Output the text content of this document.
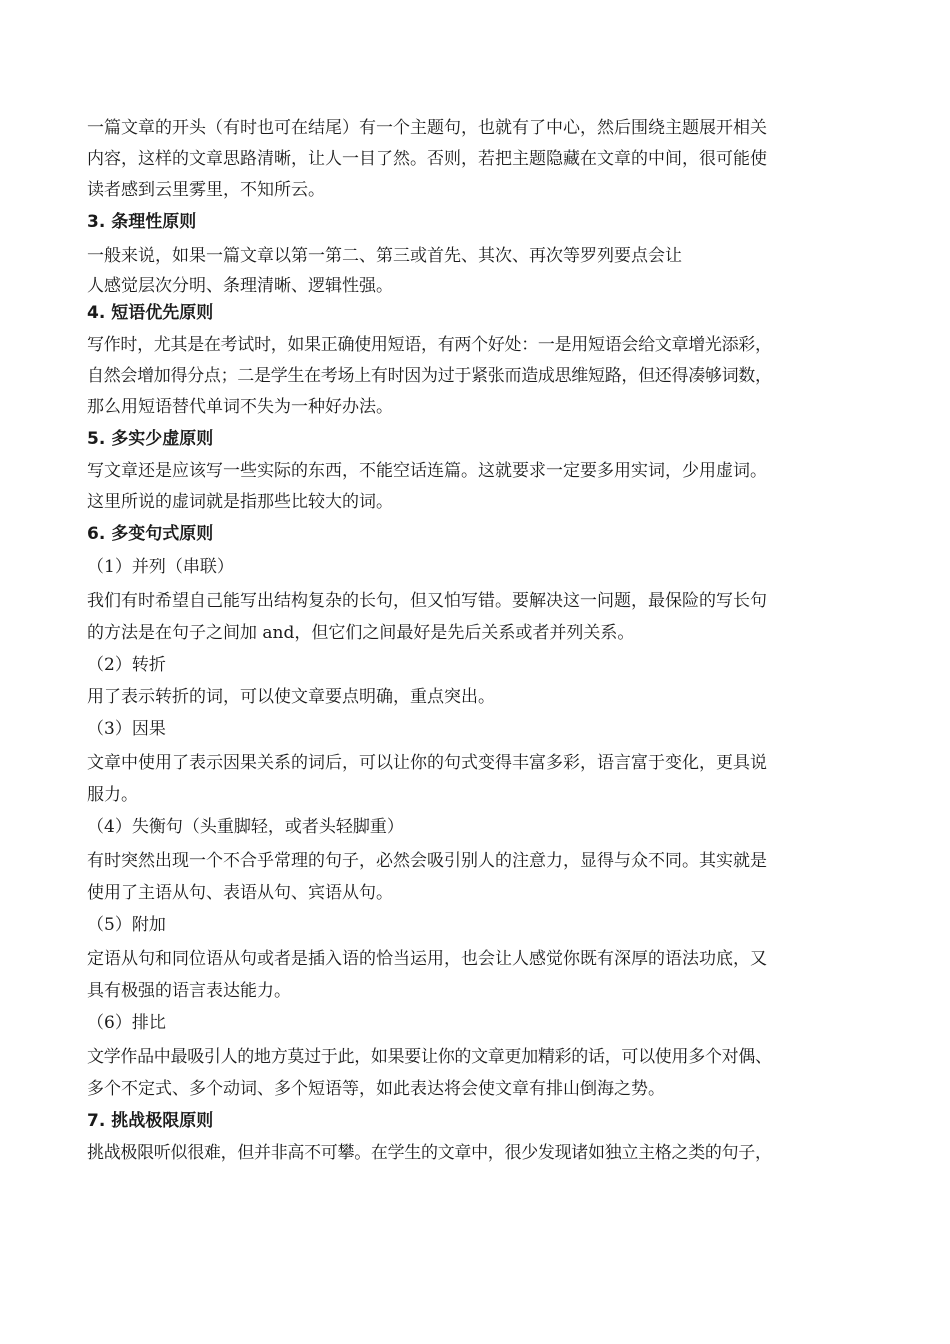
一篇文章的开头（有时也可在结尾）有一个主题句，也就有了中心，然后围绕主题展开相关
内容，这样的文章思路清晰，让人一目了然。否则，若把主题隐藏在文章的中间，很可能使
读者感到云里雾里，不知所云。
3. 条理性原则
一般来说，如果一篇文章以第一第二、第三或首先、其次、再次等罗列要点会让
人感觉层次分明、条理清晰、逻辑性强。
4. 短语优先原则
写作时，尤其是在考试时，如果正确使用短语，有两个好处：一是用短语会给文章增光添彩，
自然会增加得分点；二是学生在考场上有时因为过于紧张而造成思维短路，但还得凑够词数，
那么用短语替代单词不失为一种好办法。
5. 多实少虚原则
写文章还是应该写一些实际的东西，不能空话连篇。这就要求一定要多用实词，少用虚词。
这里所说的虚词就是指那些比较大的词。
6. 多变句式原则
（1）并列（串联）
我们有时希望自己能写出结构复杂的长句，但又怕写错。要解决这一问题，最保险的写长句
的方法是在句子之间加 and，但它们之间最好是先后关系或者并列关系。
（2）转折
用了表示转折的词，可以使文章要点明确，重点突出。
（3）因果
文章中使用了表示因果关系的词后，可以让你的句式变得丰富多彩，语言富于变化，更具说
服力。
（4）失衡句（头重脚轻，或者头轻脚重）
有时突然出现一个不合乎常理的句子，必然会吸引别人的注意力，显得与众不同。其实就是
使用了主语从句、表语从句、宾语从句。
（5）附加
定语从句和同位语从句或者是插入语的恰当运用，也会让人感觉你既有深厚的语法功底，又
具有极强的语言表达能力。
（6）排比
文学作品中最吸引人的地方莫过于此，如果要让你的文章更加精彩的话，可以使用多个对偶、
多个不定式、多个动词、多个短语等，如此表达将会使文章有排山倒海之势。
7. 挑战极限原则
挑战极限听似很难，但并非高不可攀。在学生的文章中，很少发现诸如独立主格之类的句子，
